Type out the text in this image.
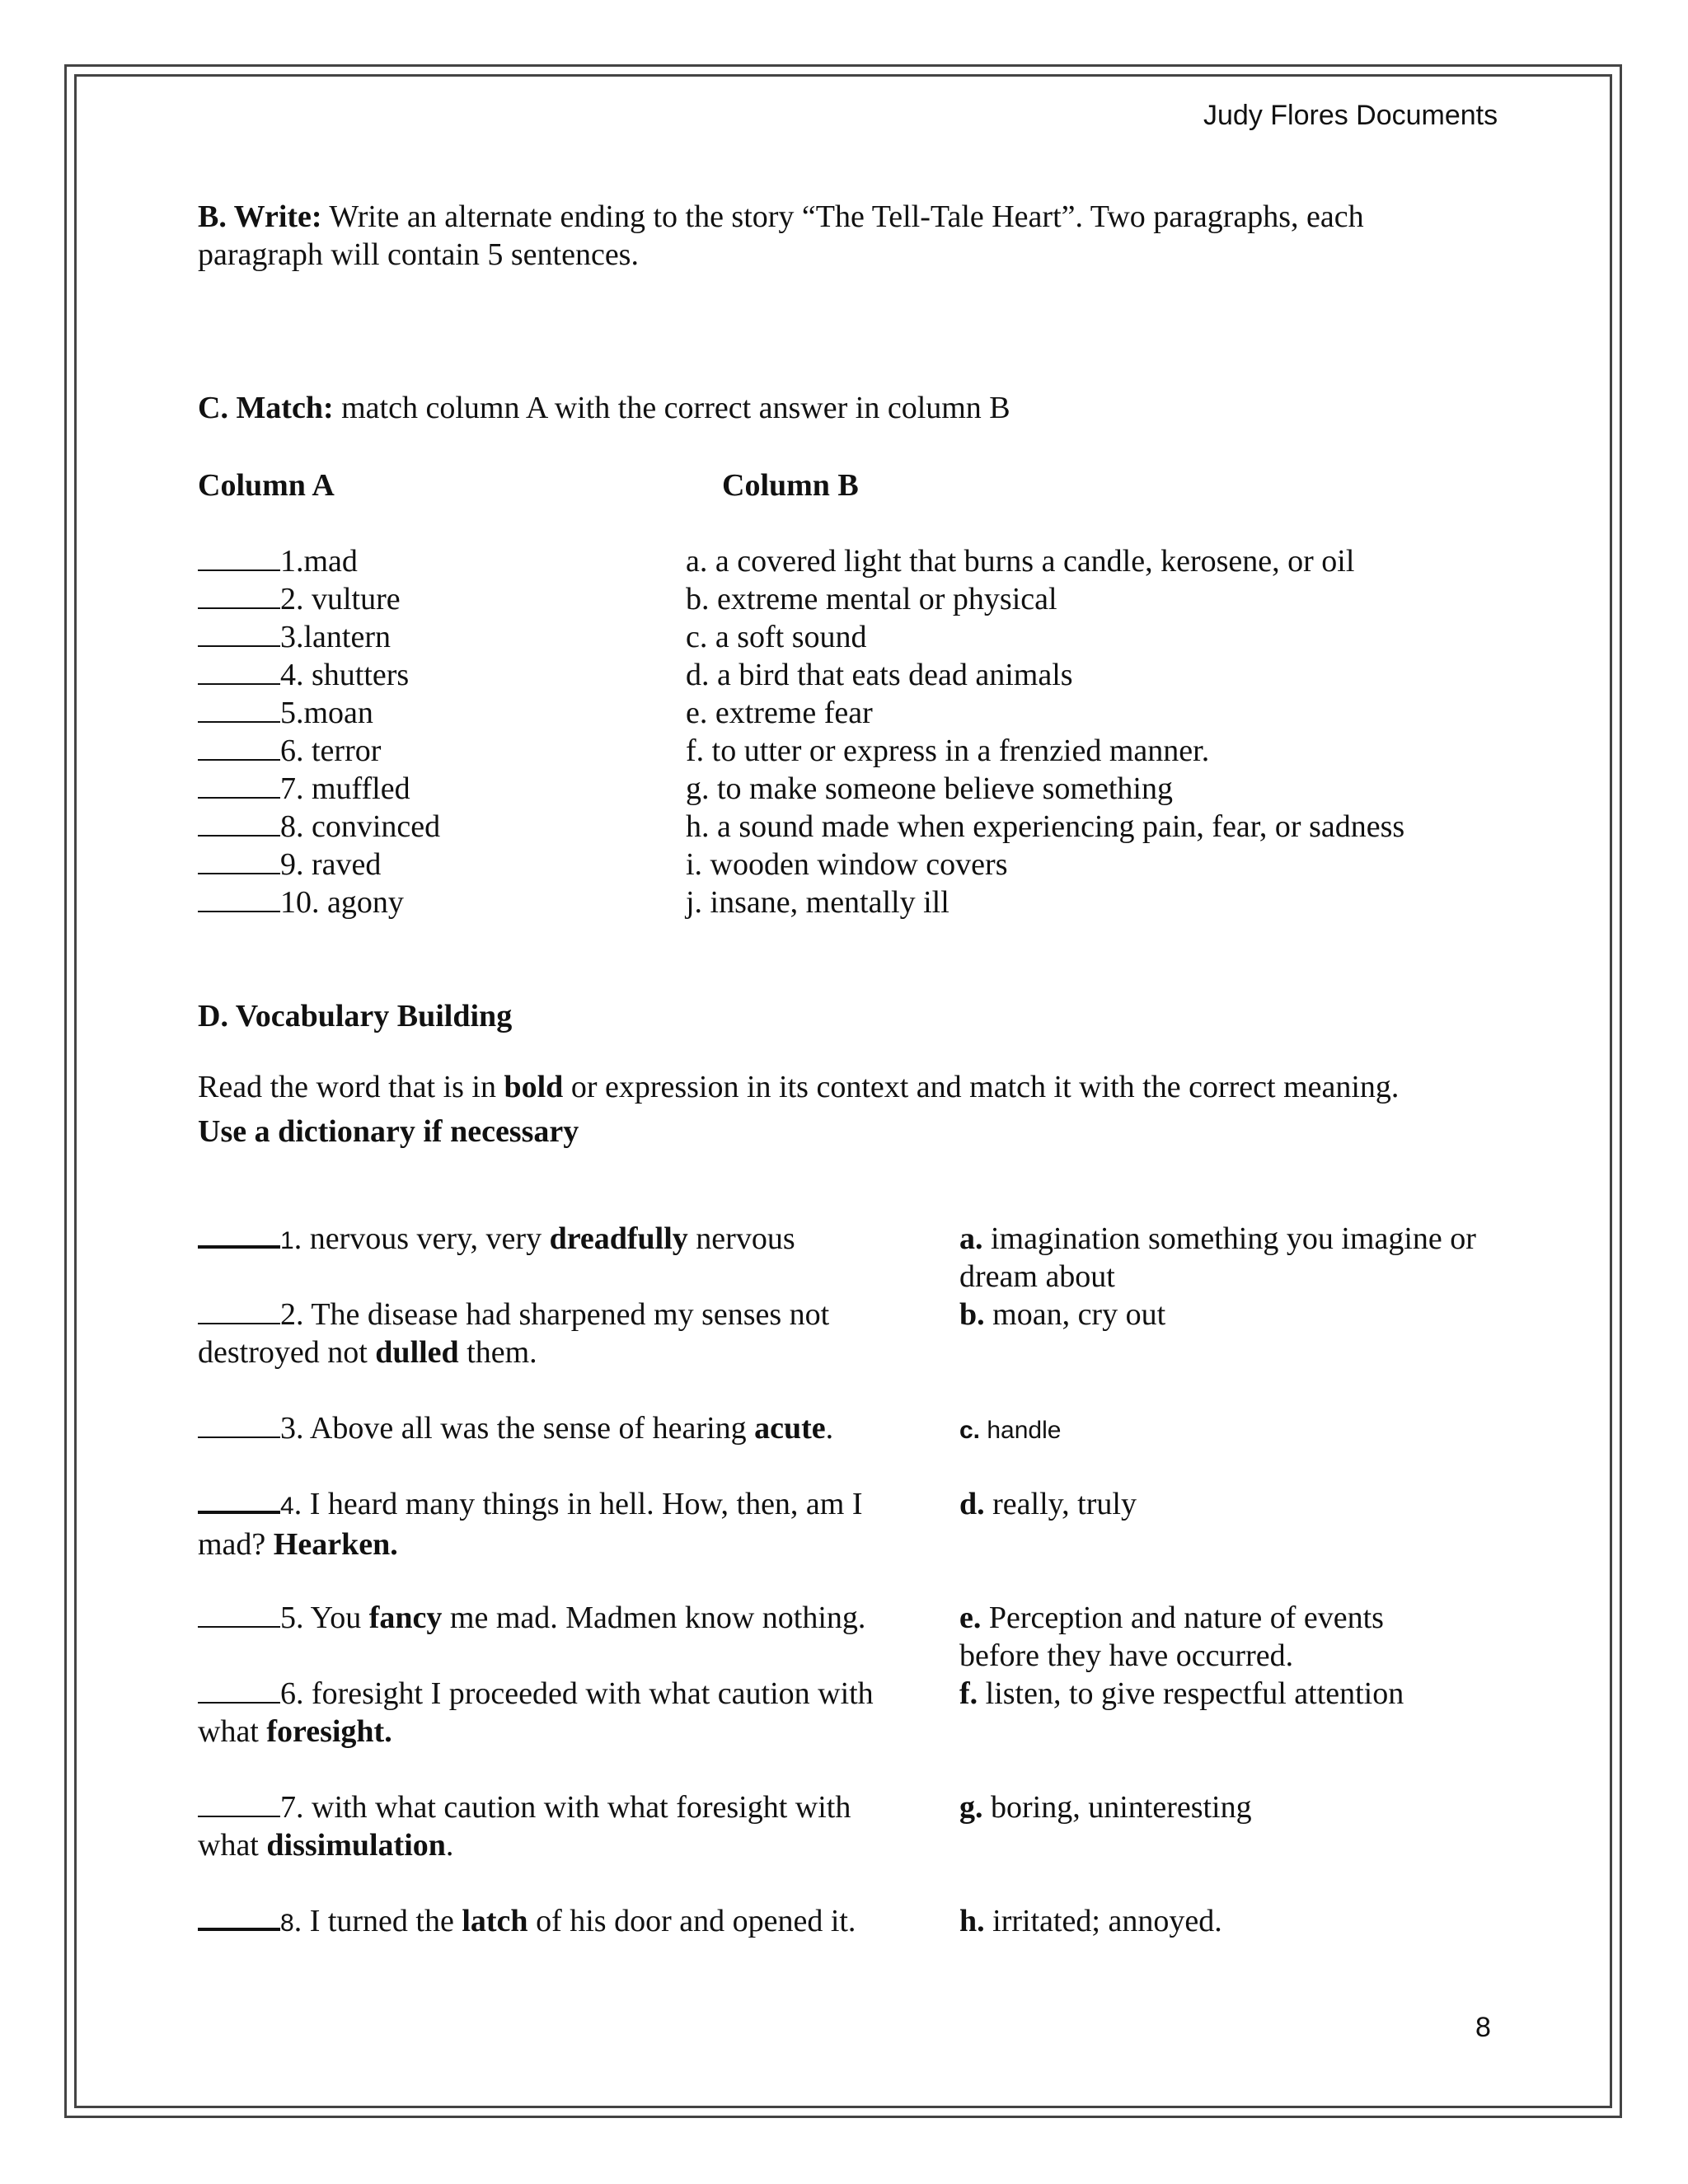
Judy Flores Documents
B. Write: Write an alternate ending to the story “The Tell-Tale Heart”. Two paragraphs, each
paragraph will contain 5 sentences.
C. Match: match column A with the correct answer in column B
Column A	Column B
1.mad
2. vulture
3.lantern
4. shutters
5.moan
6. terror
7. muffled
8. convinced
9. raved
10. agony
a. a covered light that burns a candle, kerosene, or oil
b. extreme mental or physical
c. a soft sound
d. a bird that eats dead animals
e. extreme fear
f. to utter or express in a frenzied manner.
g. to make someone believe something
h. a sound made when experiencing pain, fear, or sadness
i. wooden window covers
j. insane, mentally ill
D. Vocabulary Building
Read the word that is in bold or expression in its context and match it with the correct meaning.
Use a dictionary if necessary
1. nervous very, very dreadfully nervous
2. The disease had sharpened my senses not destroyed not dulled them.
3. Above all was the sense of hearing acute.
4. I heard many things in hell. How, then, am I mad? Hearken.
5. You fancy me mad. Madmen know nothing.
6. foresight I proceeded with what caution with what foresight.
7. with what caution with what foresight with what dissimulation.
8. I turned the latch of his door and opened it.
a. imagination something you imagine or dream about
b. moan, cry out
c. handle
d. really, truly
e. Perception and nature of events before they have occurred.
f. listen, to give respectful attention
g. boring, uninteresting
h. irritated; annoyed.
8
